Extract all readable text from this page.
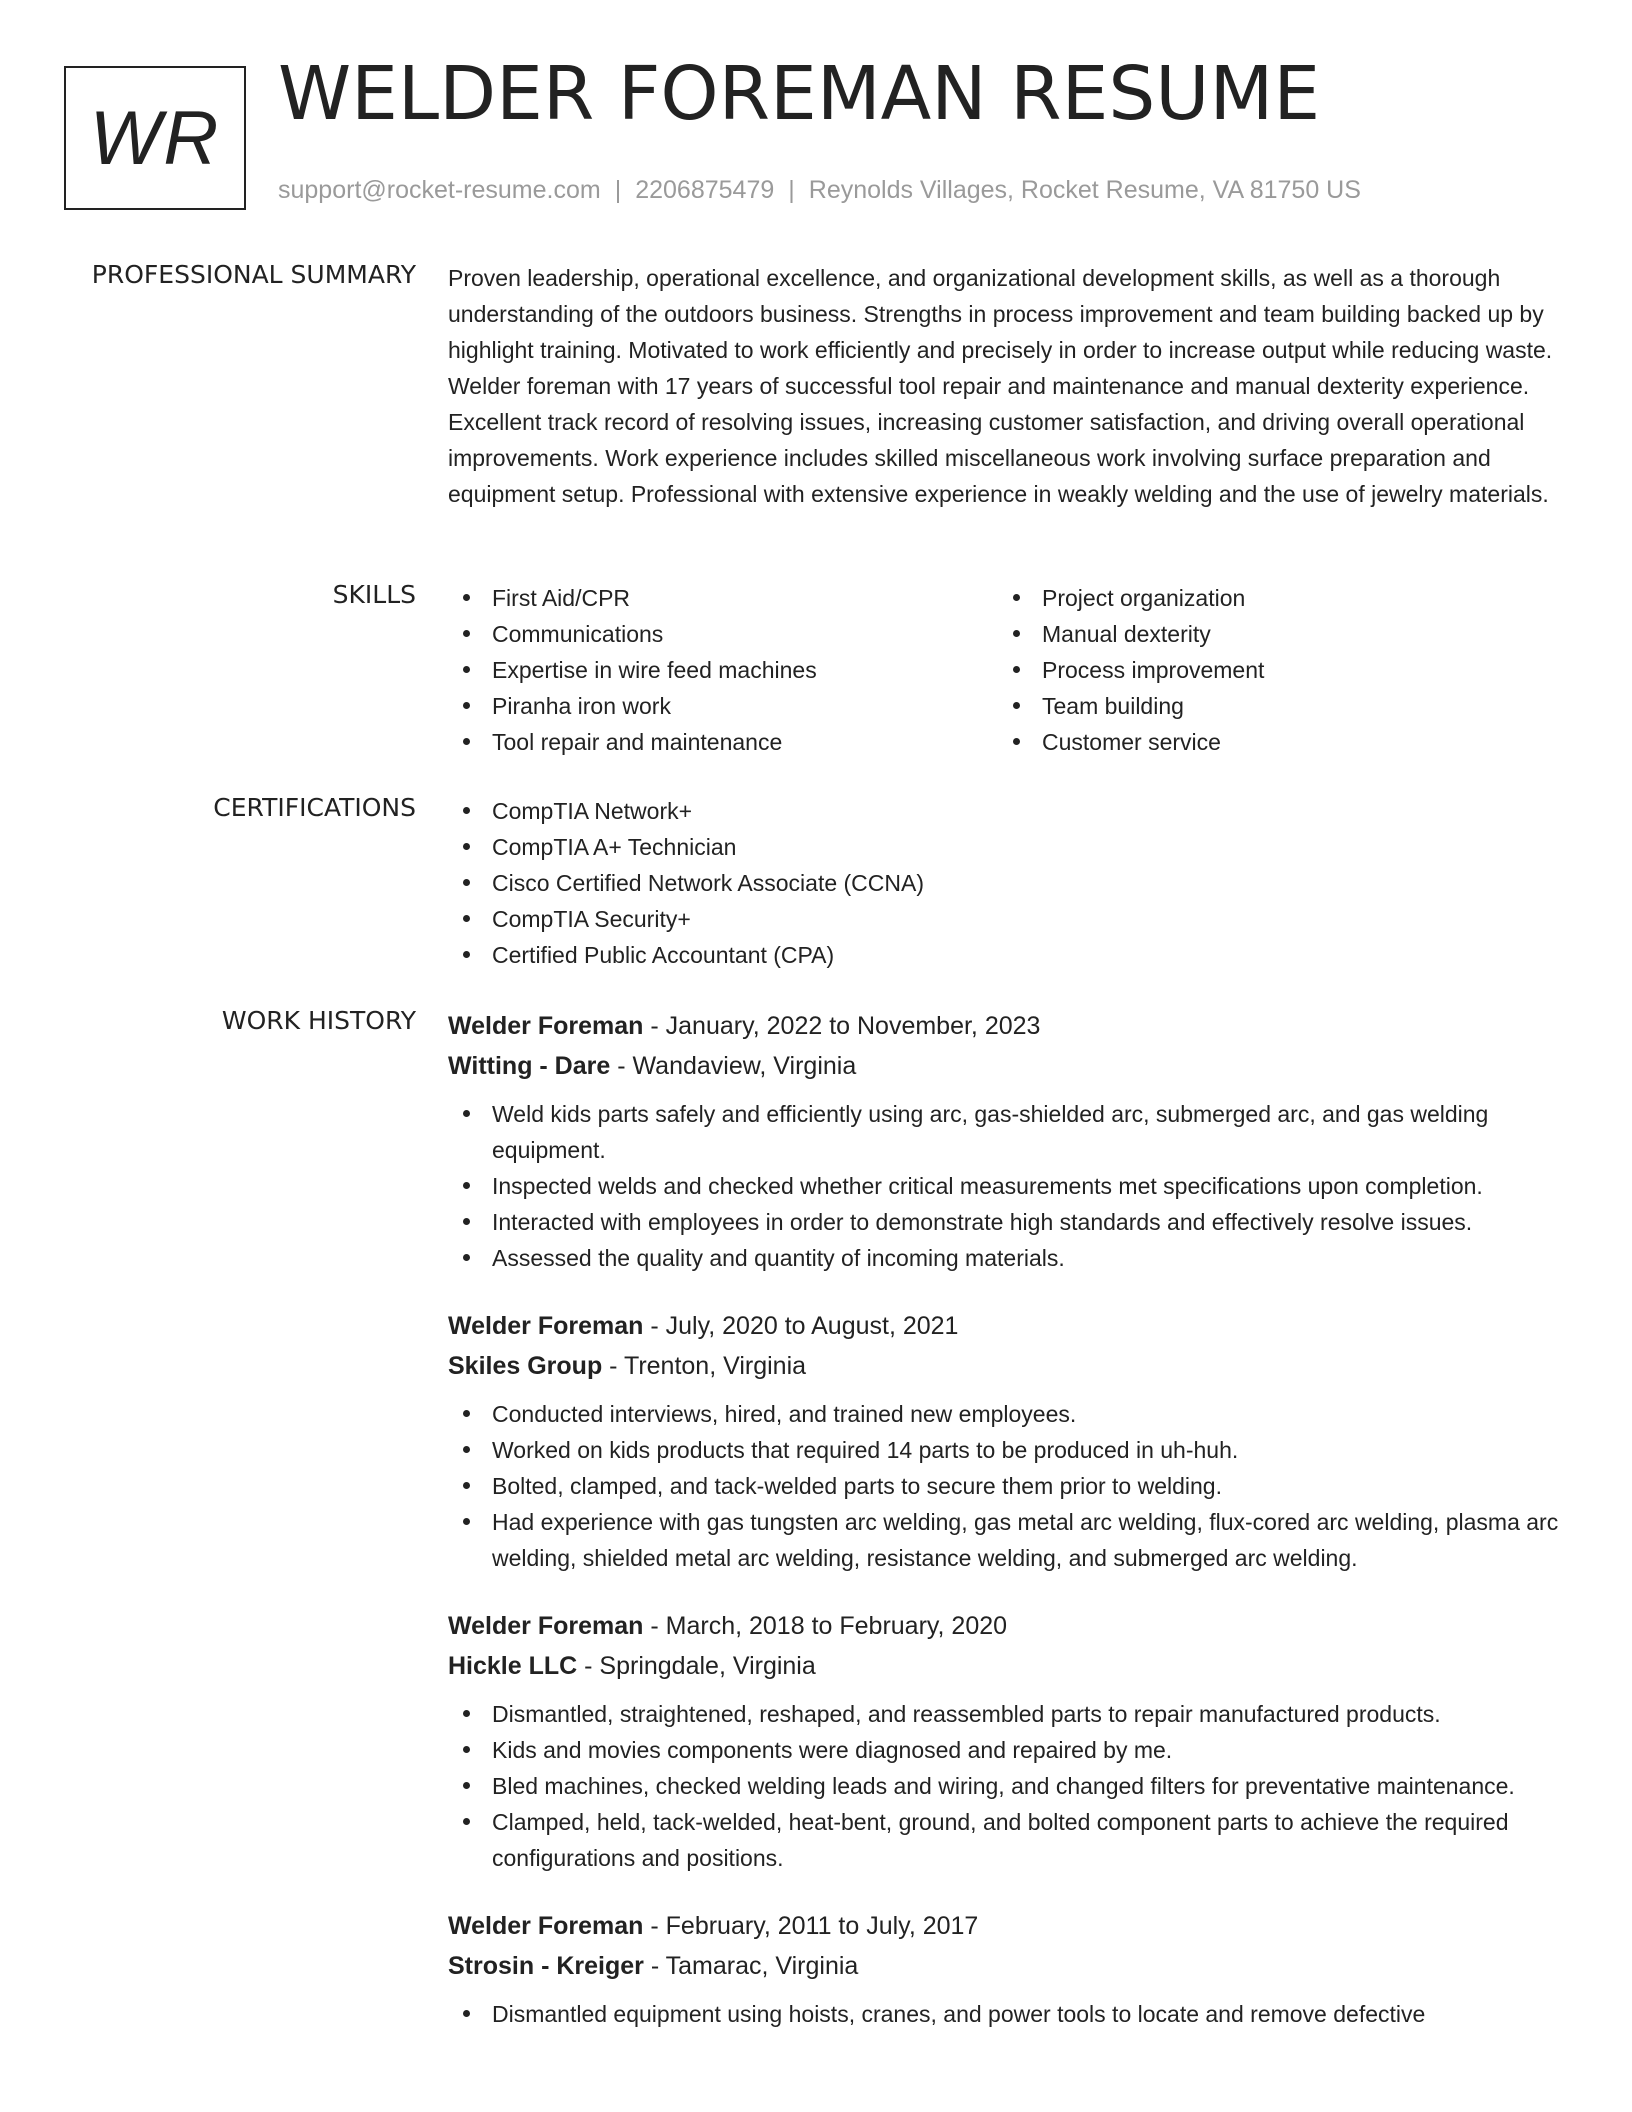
WR
WELDER FOREMAN RESUME
support@rocket-resume.com | 2206875479 | Reynolds Villages, Rocket Resume, VA 81750 US
PROFESSIONAL SUMMARY Proven leadership, operational excellence, and organizational development skills, as well as a thorough understanding of the outdoors business. Strengths in process improvement and team building backed up by highlight training. Motivated to work efficiently and precisely in order to increase output while reducing waste. Welder foreman with 17 years of successful tool repair and maintenance and manual dexterity experience. Excellent track record of resolving issues, increasing customer satisfaction, and driving overall operational improvements. Work experience includes skilled miscellaneous work involving surface preparation and equipment setup. Professional with extensive experience in weakly welding and the use of jewelry materials.

SKILLS	First Aid/CPR
Communications
Expertise in wire feed machines
Piranha iron work
Tool repair and maintenance
Project organization
Manual dexterity
Process improvement
Team building
Customer service
CERTIFICATIONS	CompTIA Network+
CompTIA A+ Technician
Cisco Certified Network Associate (CCNA)
CompTIA Security+
Certified Public Accountant (CPA)
WORK HISTORY Welder Foreman - January, 2022 to November, 2023
Witting - Dare - Wandaview, Virginia
Weld kids parts safely and efficiently using arc, gas-shielded arc, submerged arc, and gas welding equipment.
Inspected welds and checked whether critical measurements met specifications upon completion.
Interacted with employees in order to demonstrate high standards and effectively resolve issues.
Assessed the quality and quantity of incoming materials.
Welder Foreman - July, 2020 to August, 2021
Skiles Group - Trenton, Virginia
Conducted interviews, hired, and trained new employees.
Worked on kids products that required 14 parts to be produced in uh-huh.
Bolted, clamped, and tack-welded parts to secure them prior to welding.
Had experience with gas tungsten arc welding, gas metal arc welding, flux-cored arc welding, plasma arc welding, shielded metal arc welding, resistance welding, and submerged arc welding.
Welder Foreman - March, 2018 to February, 2020
Hickle LLC - Springdale, Virginia
Dismantled, straightened, reshaped, and reassembled parts to repair manufactured products.
Kids and movies components were diagnosed and repaired by me.
Bled machines, checked welding leads and wiring, and changed filters for preventative maintenance.
Clamped, held, tack-welded, heat-bent, ground, and bolted component parts to achieve the required configurations and positions.
Welder Foreman - February, 2011 to July, 2017
Strosin - Kreiger - Tamarac, Virginia
Dismantled equipment using hoists, cranes, and power tools to locate and remove defective
